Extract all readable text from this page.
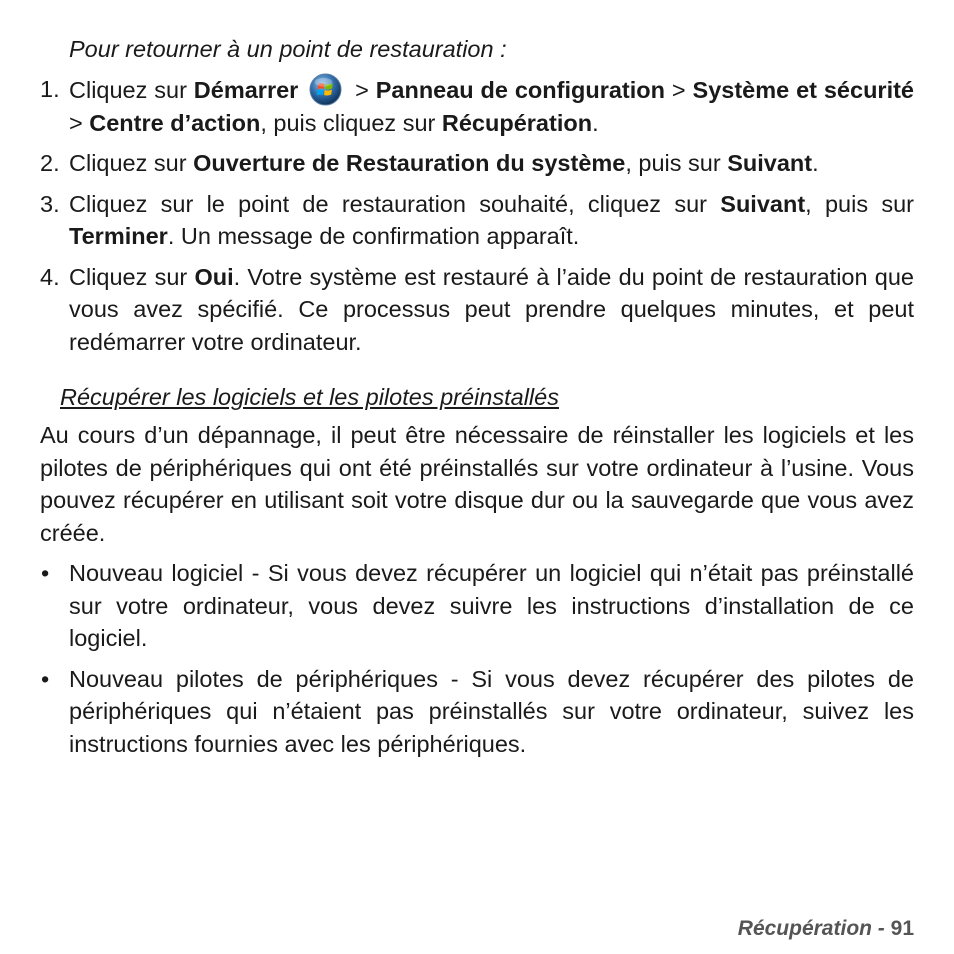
Pour retourner à un point de restauration :

1. Cliquez sur Démarrer  > Panneau de configuration > Système et sécurité > Centre d’action, puis cliquez sur Récupération.
2. Cliquez sur Ouverture de Restauration du système, puis sur Suivant.
3. Cliquez sur le point de restauration souhaité, cliquez sur Suivant, puis sur Terminer. Un message de confirmation apparaît.
4. Cliquez sur Oui. Votre système est restauré à l’aide du point de restauration que vous avez spécifié. Ce processus peut prendre quelques minutes, et peut redémarrer votre ordinateur.

Récupérer les logiciels et les pilotes préinstallés

Au cours d’un dépannage, il peut être nécessaire de réinstaller les logiciels et les pilotes de périphériques qui ont été préinstallés sur votre ordinateur à l’usine. Vous pouvez récupérer en utilisant soit votre disque dur ou la sauvegarde que vous avez créée.

• Nouveau logiciel - Si vous devez récupérer un logiciel qui n’était pas préinstallé sur votre ordinateur, vous devez suivre les instructions d’installation de ce logiciel.
• Nouveau pilotes de périphériques - Si vous devez récupérer des pilotes de périphériques qui n’étaient pas préinstallés sur votre ordinateur, suivez les instructions fournies avec les périphériques.
Récupération - 91
